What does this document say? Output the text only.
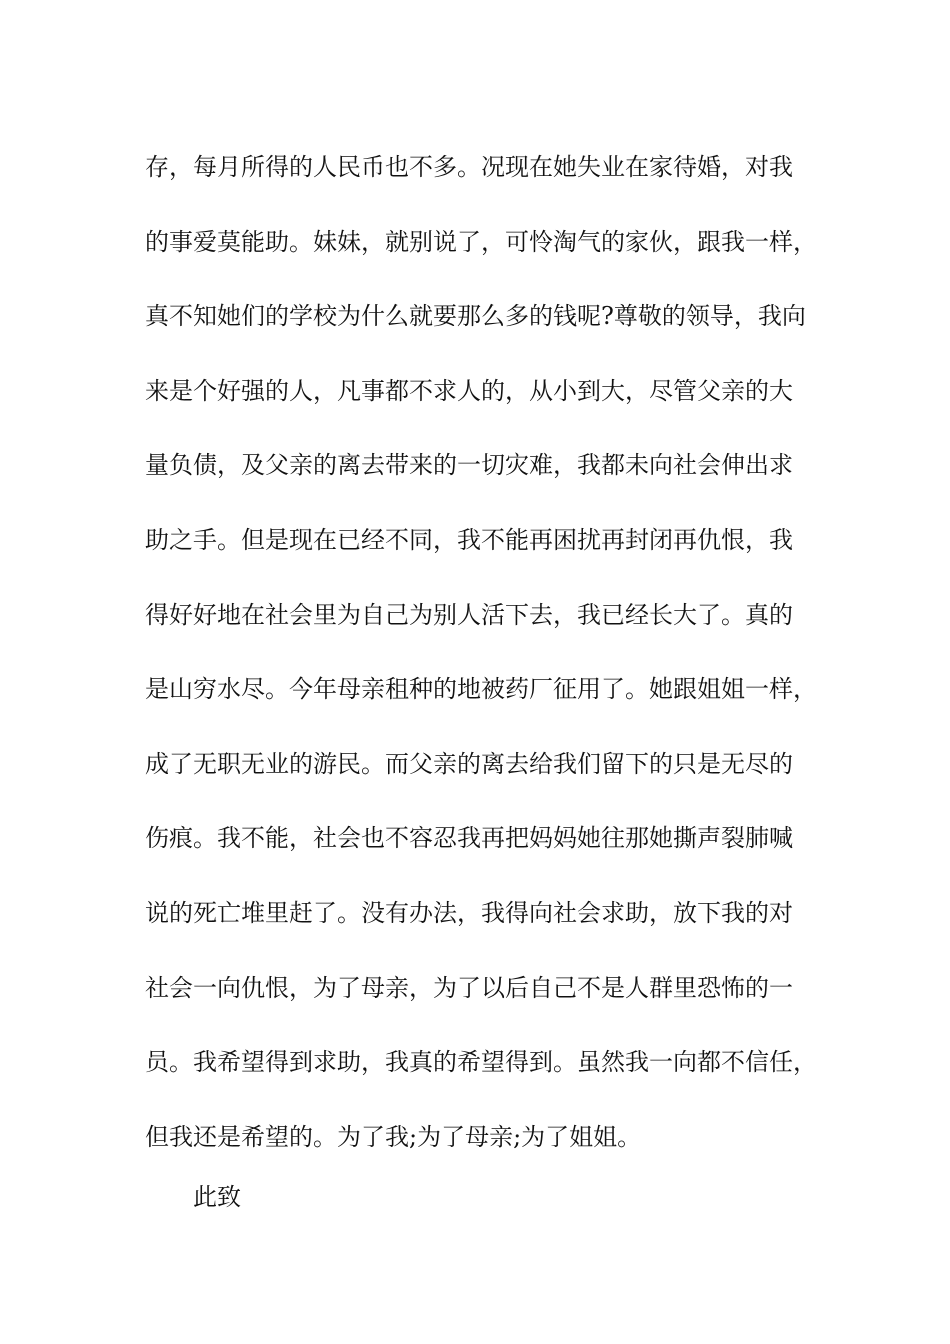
存，每月所得的人民币也不多。况现在她失业在家待婚，对我
的事爱莫能助。妹妹，就别说了，可怜淘气的家伙，跟我一样，
真不知她们的学校为什么就要那么多的钱呢?尊敬的领导，我向
来是个好强的人，凡事都不求人的，从小到大，尽管父亲的大
量负债，及父亲的离去带来的一切灾难，我都未向社会伸出求
助之手。但是现在已经不同，我不能再困扰再封闭再仇恨，我
得好好地在社会里为自己为别人活下去，我已经长大了。真的
是山穷水尽。今年母亲租种的地被药厂征用了。她跟姐姐一样，
成了无职无业的游民。而父亲的离去给我们留下的只是无尽的
伤痕。我不能，社会也不容忍我再把妈妈她往那她撕声裂肺喊
说的死亡堆里赶了。没有办法，我得向社会求助，放下我的对
社会一向仇恨，为了母亲，为了以后自己不是人群里恐怖的一
员。我希望得到求助，我真的希望得到。虽然我一向都不信任，
但我还是希望的。为了我;为了母亲;为了姐姐。
此致
